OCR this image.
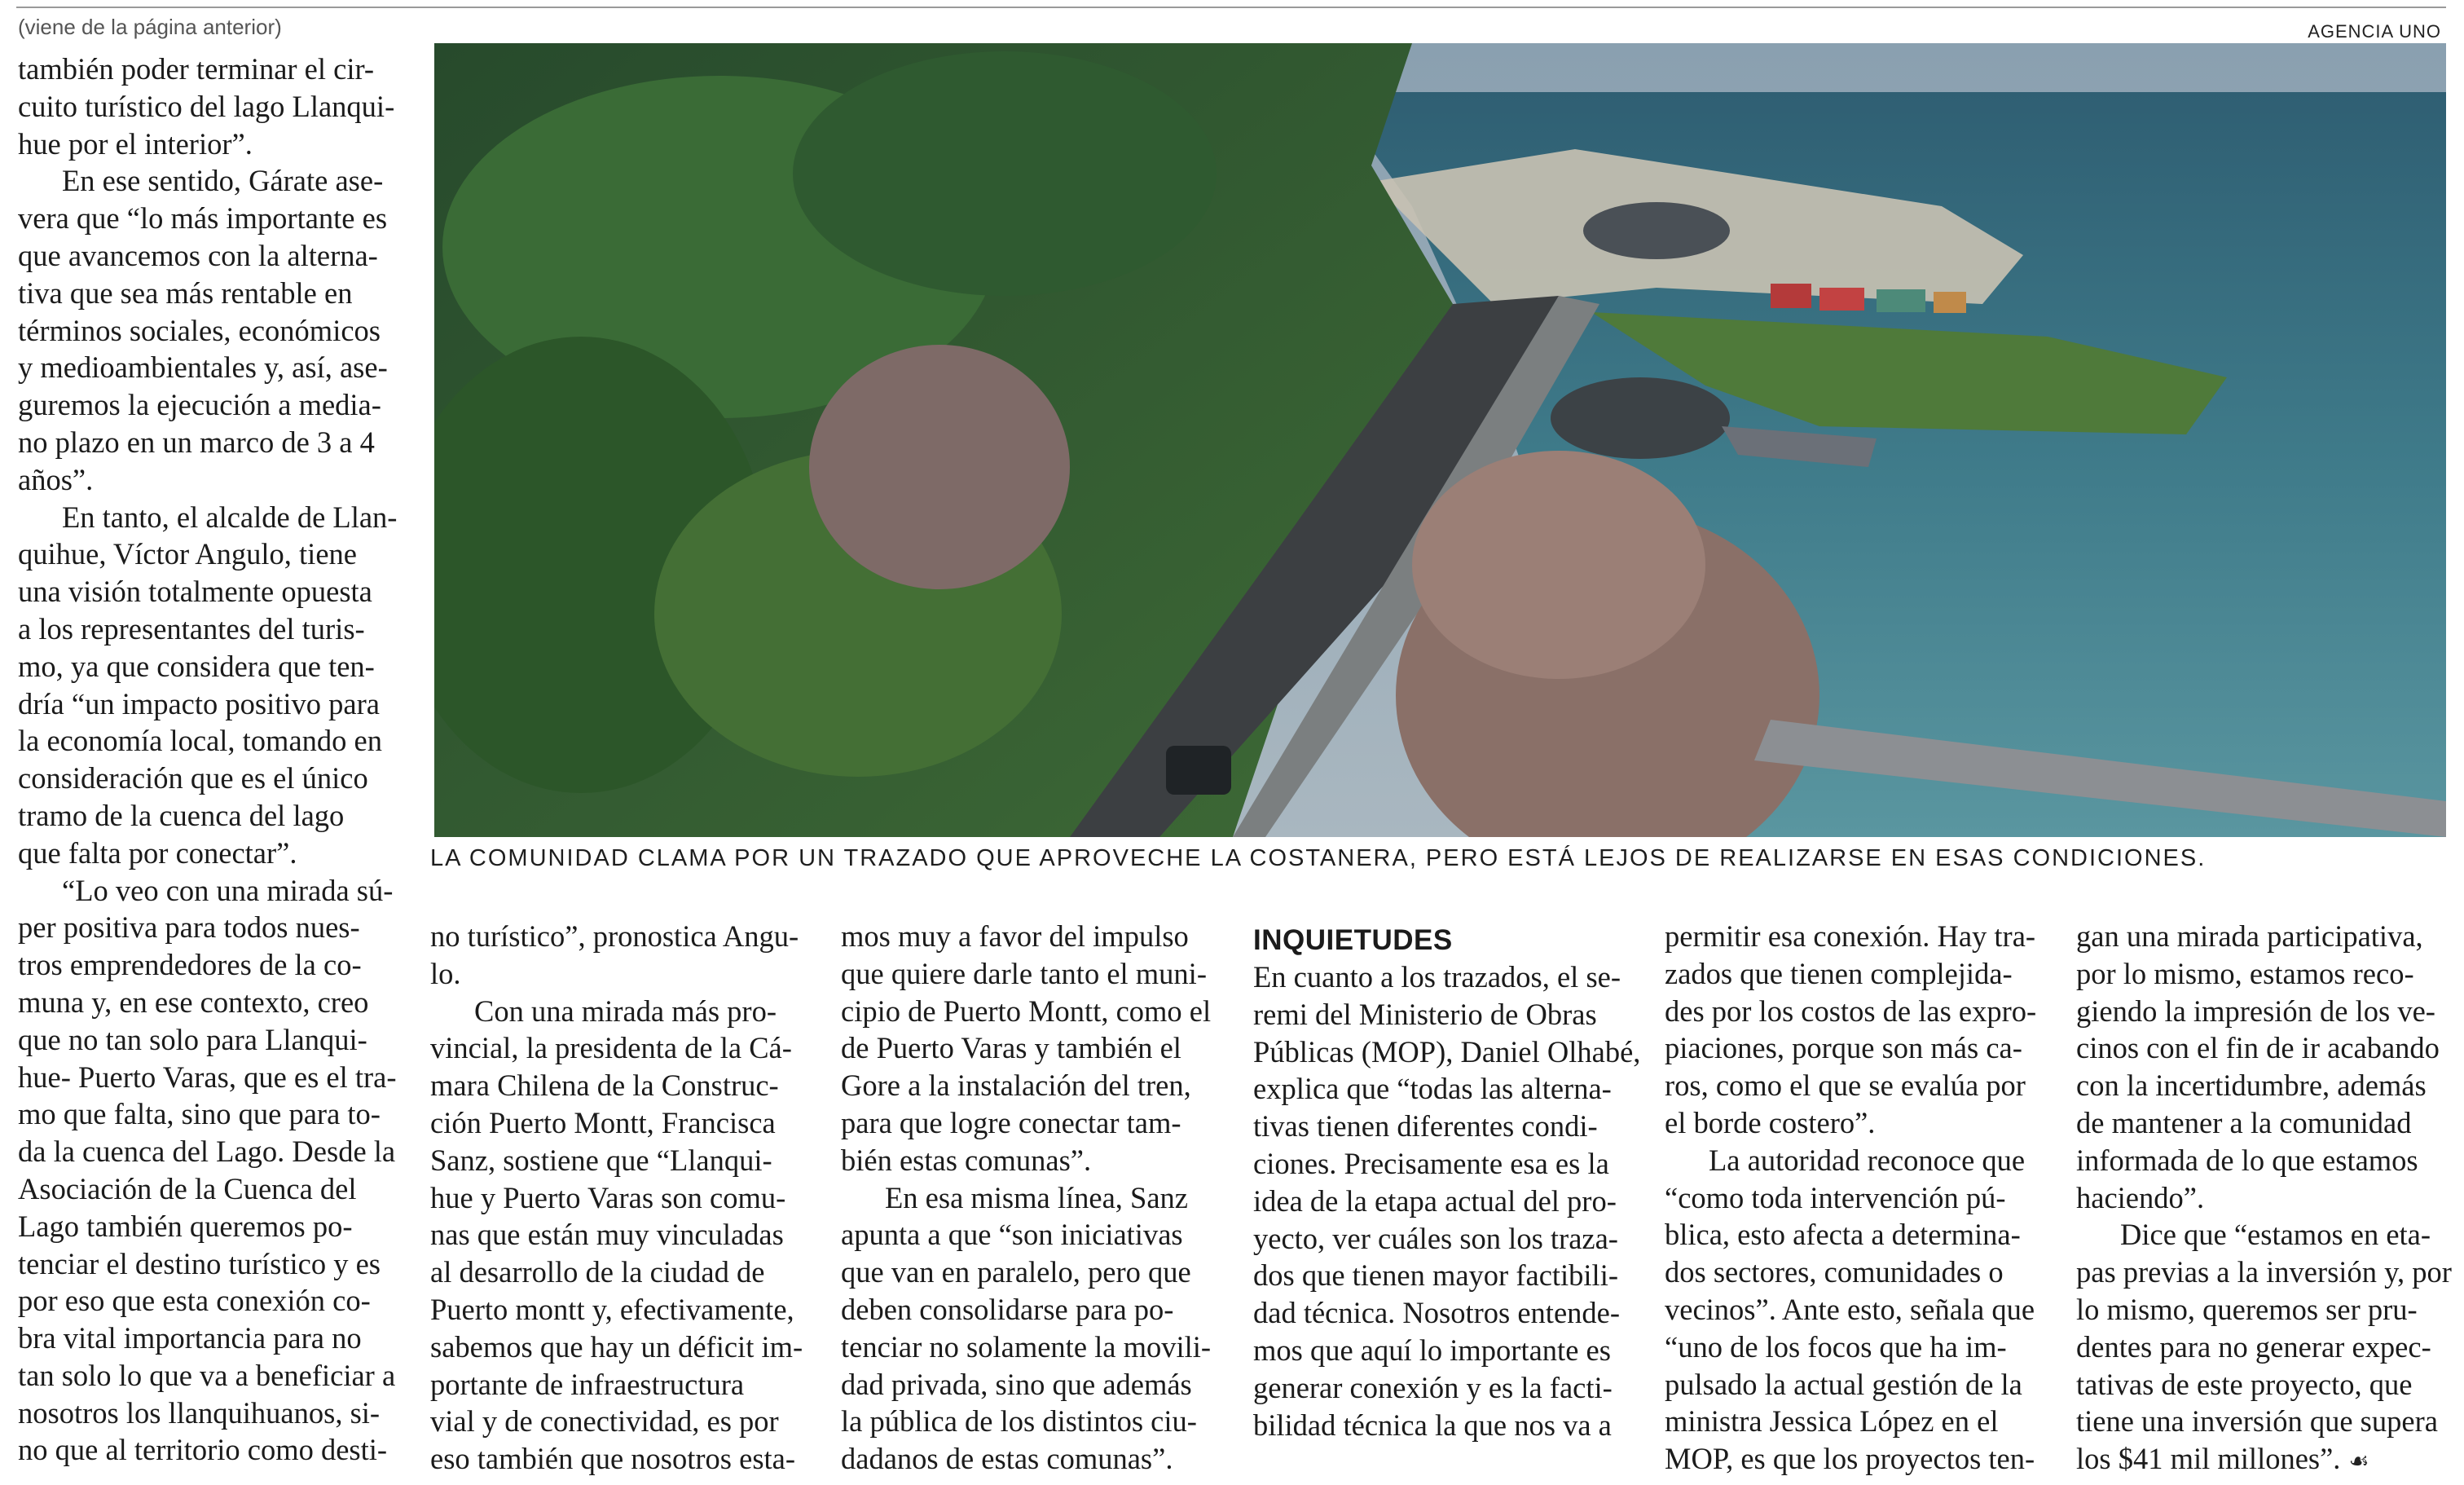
(viene de la página anterior)	AGENCIA UNO
LA COMUNIDAD CLAMA POR UN TRAZADO QUE APROVECHE LA COSTANERA, PERO ESTÁ LEJOS DE REALIZARSE EN ESAS CONDICIONES.

también poder terminar el cir-
cuito turístico del lago Llanqui-
hue por el interior”.

En ese sentido, Gárate ase-
vera que “lo más importante es
que avancemos con la alterna-
tiva que sea más rentable en
términos sociales, económicos
y medioambientales y, así, ase-
guremos la ejecución a media-
no plazo en un marco de 3 a 4
años”.

En tanto, el alcalde de Llan-
quihue, Víctor Angulo, tiene
una visión totalmente opuesta
a los representantes del turis-
mo, ya que considera que ten-
dría “un impacto positivo para
la economía local, tomando en
consideración que es el único
tramo de la cuenca del lago
que falta por conectar”.

“Lo veo con una mirada sú-
per positiva para todos nues-
tros emprendedores de la co-
muna y, en ese contexto, creo
que no tan solo para Llanqui-
hue- Puerto Varas, que es el tra-
mo que falta, sino que para to-
da la cuenca del Lago. Desde la
Asociación de la Cuenca del
Lago también queremos po-
tenciar el destino turístico y es
por eso que esta conexión co-
bra vital importancia para no
tan solo lo que va a beneficiar a
nosotros los llanquihuanos, si-
no que al territorio como desti-

no turístico”, pronostica Angu-
lo.

Con una mirada más pro-
vincial, la presidenta de la Cá-
mara Chilena de la Construc-
ción Puerto Montt, Francisca
Sanz, sostiene que “Llanqui-
hue y Puerto Varas son comu-
nas que están muy vinculadas
al desarrollo de la ciudad de
Puerto montt y, efectivamente,
sabemos que hay un déficit im-
portante de infraestructura
vial y de conectividad, es por
eso también que nosotros esta-

mos muy a favor del impulso
que quiere darle tanto el muni-
cipio de Puerto Montt, como el
de Puerto Varas y también el
Gore a la instalación del tren,
para que logre conectar tam-
bién estas comunas”.

En esa misma línea, Sanz
apunta a que “son iniciativas
que van en paralelo, pero que
deben consolidarse para po-
tenciar no solamente la movili-
dad privada, sino que además
la pública de los distintos ciu-
dadanos de estas comunas”.

INQUIETUDES

En cuanto a los trazados, el se-
remi del Ministerio de Obras
Públicas (MOP), Daniel Olhabé,
explica que “todas las alterna-
tivas tienen diferentes condi-
ciones. Precisamente esa es la
idea de la etapa actual del pro-
yecto, ver cuáles son los traza-
dos que tienen mayor factibili-
dad técnica. Nosotros entende-
mos que aquí lo importante es
generar conexión y es la facti-
bilidad técnica la que nos va a

permitir esa conexión. Hay tra-
zados que tienen complejida-
des por los costos de las expro-
piaciones, porque son más ca-
ros, como el que se evalúa por
el borde costero”.

La autoridad reconoce que
“como toda intervención pú-
blica, esto afecta a determina-
dos sectores, comunidades o
vecinos”. Ante esto, señala que
“uno de los focos que ha im-
pulsado la actual gestión de la
ministra Jessica López en el
MOP, es que los proyectos ten-

gan una mirada participativa,
por lo mismo, estamos reco-
giendo la impresión de los ve-
cinos con el fin de ir acabando
con la incertidumbre, además
de mantener a la comunidad
informada de lo que estamos
haciendo”.

Dice que “estamos en eta-
pas previas a la inversión y, por
lo mismo, queremos ser pru-
dentes para no generar expec-
tativas de este proyecto, que
tiene una inversión que supera
los $41 mil millones”. ☙
